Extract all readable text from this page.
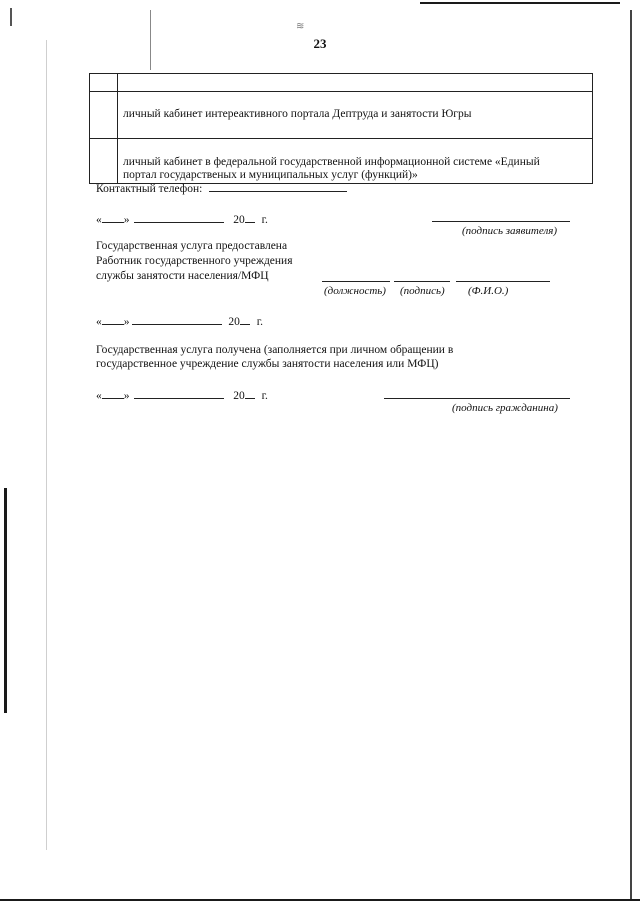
≋
23

	личный кабинет интереактивного портала Дептруда и занятости Югры

	личный кабинет в федеральной государственной информационной системе «Единый
портал государственых и муниципальных услуг (функций)»
Контактный телефон:
« »	20 г.
(подпись заявителя)
Государственная услуга предоставлена
Работник государственного учреждения
службы занятости населения/МФЦ
(должность) (подпись) (Ф.И.О.)
« »	20 г.
Государственная услуга получена (заполняется при личном обращении в
государственное учреждение службы занятости населения или МФЦ)
« »	20 г.
(подпись гражданина)
